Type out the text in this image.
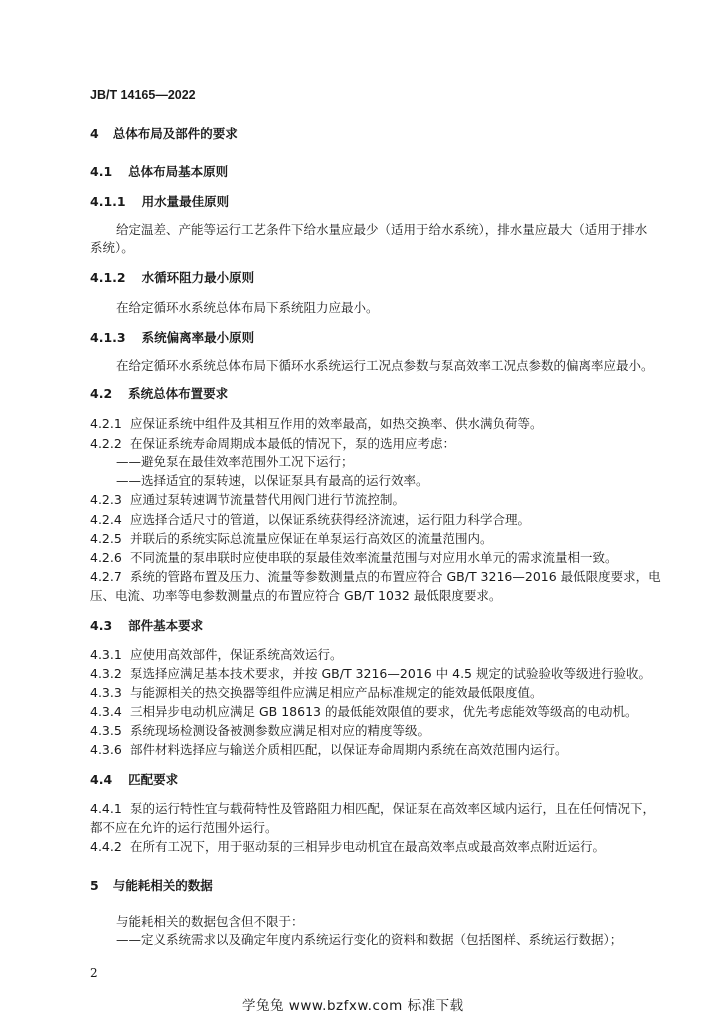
JB/T 14165—2022
4 总体布局及部件的要求
4.1 总体布局基本原则
4.1.1 用水量最佳原则
给定温差、产能等运行工艺条件下给水量应最少（适用于给水系统），排水量应最大（适用于排水
系统）。
4.1.2 水循环阻力最小原则
在给定循环水系统总体布局下系统阻力应最小。
4.1.3 系统偏离率最小原则
在给定循环水系统总体布局下循环水系统运行工况点参数与泵高效率工况点参数的偏离率应最小。
4.2 系统总体布置要求
4.2.1 应保证系统中组件及其相互作用的效率最高，如热交换率、供水满负荷等。
4.2.2 在保证系统寿命周期成本最低的情况下，泵的选用应考虑：
——避免泵在最佳效率范围外工况下运行；
——选择适宜的泵转速，以保证泵具有最高的运行效率。
4.2.3 应通过泵转速调节流量替代用阀门进行节流控制。
4.2.4 应选择合适尺寸的管道，以保证系统获得经济流速，运行阻力科学合理。
4.2.5 并联后的系统实际总流量应保证在单泵运行高效区的流量范围内。
4.2.6 不同流量的泵串联时应使串联的泵最佳效率流量范围与对应用水单元的需求流量相一致。
4.2.7 系统的管路布置及压力、流量等参数测量点的布置应符合 GB/T 3216—2016 最低限度要求，电
压、电流、功率等电参数测量点的布置应符合 GB/T 1032 最低限度要求。
4.3 部件基本要求
4.3.1 应使用高效部件，保证系统高效运行。
4.3.2 泵选择应满足基本技术要求，并按 GB/T 3216—2016 中 4.5 规定的试验验收等级进行验收。
4.3.3 与能源相关的热交换器等组件应满足相应产品标准规定的能效最低限度值。
4.3.4 三相异步电动机应满足 GB 18613 的最低能效限值的要求，优先考虑能效等级高的电动机。
4.3.5 系统现场检测设备被测参数应满足相对应的精度等级。
4.3.6 部件材料选择应与输送介质相匹配，以保证寿命周期内系统在高效范围内运行。
4.4 匹配要求
4.4.1 泵的运行特性宜与载荷特性及管路阻力相匹配，保证泵在高效率区域内运行，且在任何情况下，
都不应在允许的运行范围外运行。
4.4.2 在所有工况下，用于驱动泵的三相异步电动机宜在最高效率点或最高效率点附近运行。
5 与能耗相关的数据
与能耗相关的数据包含但不限于：
——定义系统需求以及确定年度内系统运行变化的资料和数据（包括图样、系统运行数据）；
2
学兔兔 www.bzfxw.com 标准下载
